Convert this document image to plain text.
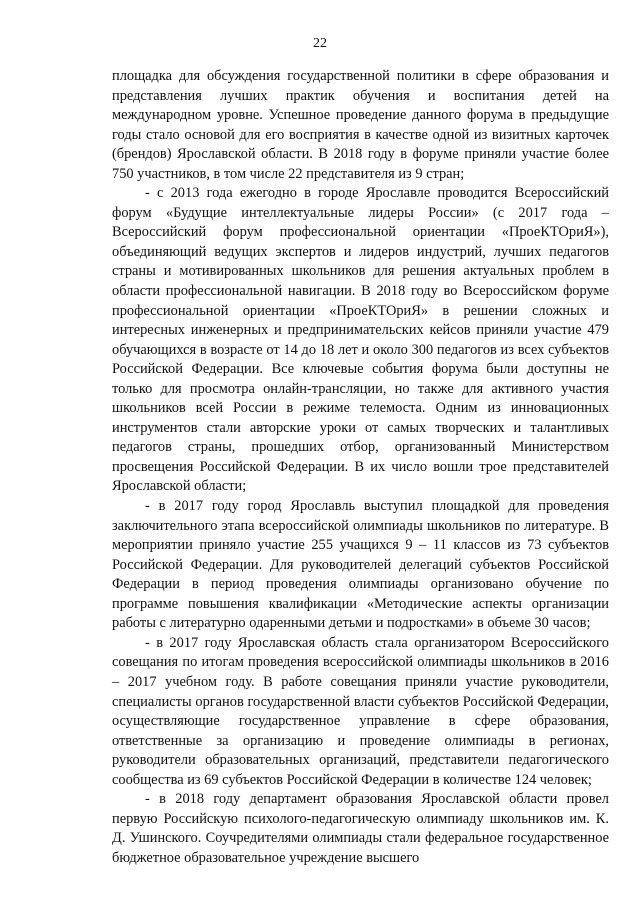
22

площадка для обсуждения государственной политики в сфере образования и представления лучших практик обучения и воспитания детей на международном уровне. Успешное проведение данного форума в предыдущие годы стало основой для его восприятия в качестве одной из визитных карточек (брендов) Ярославской области. В 2018 году в форуме приняли участие более 750 участников, в том числе 22 представителя из 9 стран;

- с 2013 года ежегодно в городе Ярославле проводится Всероссийский форум «Будущие интеллектуальные лидеры России» (с 2017 года – Всероссийский форум профессиональной ориентации «ПроеКТОриЯ»), объединяющий ведущих экспертов и лидеров индустрий, лучших педагогов страны и мотивированных школьников для решения актуальных проблем в области профессиональной навигации. В 2018 году во Всероссийском форуме профессиональной ориентации «ПроеКТОриЯ» в решении сложных и интересных инженерных и предпринимательских кейсов приняли участие 479 обучающихся в возрасте от 14 до 18 лет и около 300 педагогов из всех субъектов Российской Федерации. Все ключевые события форума были доступны не только для просмотра онлайн-трансляции, но также для активного участия школьников всей России в режиме телемоста. Одним из инновационных инструментов стали авторские уроки от самых творческих и талантливых педагогов страны, прошедших отбор, организованный Министерством просвещения Российской Федерации. В их число вошли трое представителей Ярославской области;

- в 2017 году город Ярославль выступил площадкой для проведения заключительного этапа всероссийской олимпиады школьников по литературе. В мероприятии приняло участие 255 учащихся 9 – 11 классов из 73 субъектов Российской Федерации. Для руководителей делегаций субъектов Российской Федерации в период проведения олимпиады организовано обучение по программе повышения квалификации «Методические аспекты организации работы с литературно одаренными детьми и подростками» в объеме 30 часов;

- в 2017 году Ярославская область стала организатором Всероссийского совещания по итогам проведения всероссийской олимпиады школьников в 2016 – 2017 учебном году. В работе совещания приняли участие руководители, специалисты органов государственной власти субъектов Российской Федерации, осуществляющие государственное управление в сфере образования, ответственные за организацию и проведение олимпиады в регионах, руководители образовательных организаций, представители педагогического сообщества из 69 субъектов Российской Федерации в количестве 124 человек;

- в 2018 году департамент образования Ярославской области провел первую Российскую психолого-педагогическую олимпиаду школьников им. К. Д. Ушинского. Соучредителями олимпиады стали федеральное государственное бюджетное образовательное учреждение высшего
